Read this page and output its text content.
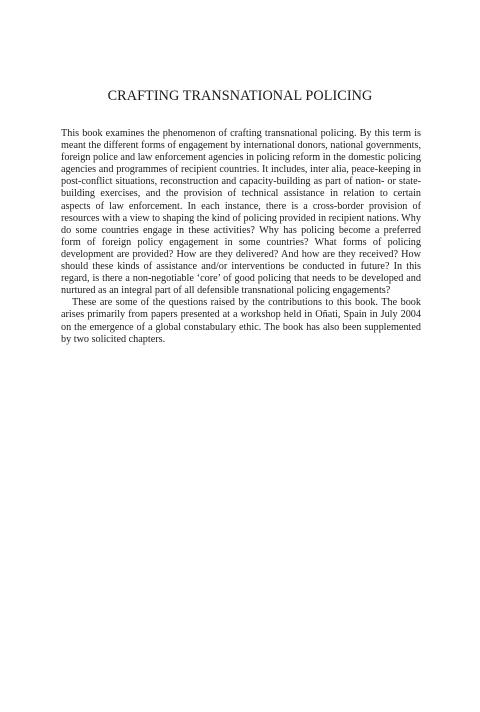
CRAFTING TRANSNATIONAL POLICING

This book examines the phenomenon of crafting transnational policing. By this term is meant the different forms of engagement by international donors, national governments, foreign police and law enforcement agencies in policing reform in the domestic policing agencies and programmes of recipient countries. It includes, inter alia, peace-keeping in post-conflict situations, reconstruction and capacity-building as part of nation- or state-building exercises, and the provision of technical assistance in relation to certain aspects of law enforcement. In each instance, there is a cross-border provision of resources with a view to shaping the kind of policing provided in recipient nations. Why do some countries engage in these activities? Why has policing become a preferred form of foreign policy engagement in some countries? What forms of policing development are provided? How are they delivered? And how are they received? How should these kinds of assistance and/or interventions be conducted in future? In this regard, is there a non-negotiable ‘core’ of good policing that needs to be developed and nurtured as an integral part of all defensible transnational policing engagements?

These are some of the questions raised by the contributions to this book. The book arises primarily from papers presented at a workshop held in Oñati, Spain in July 2004 on the emergence of a global constabulary ethic. The book has also been supplemented by two solicited chapters.
